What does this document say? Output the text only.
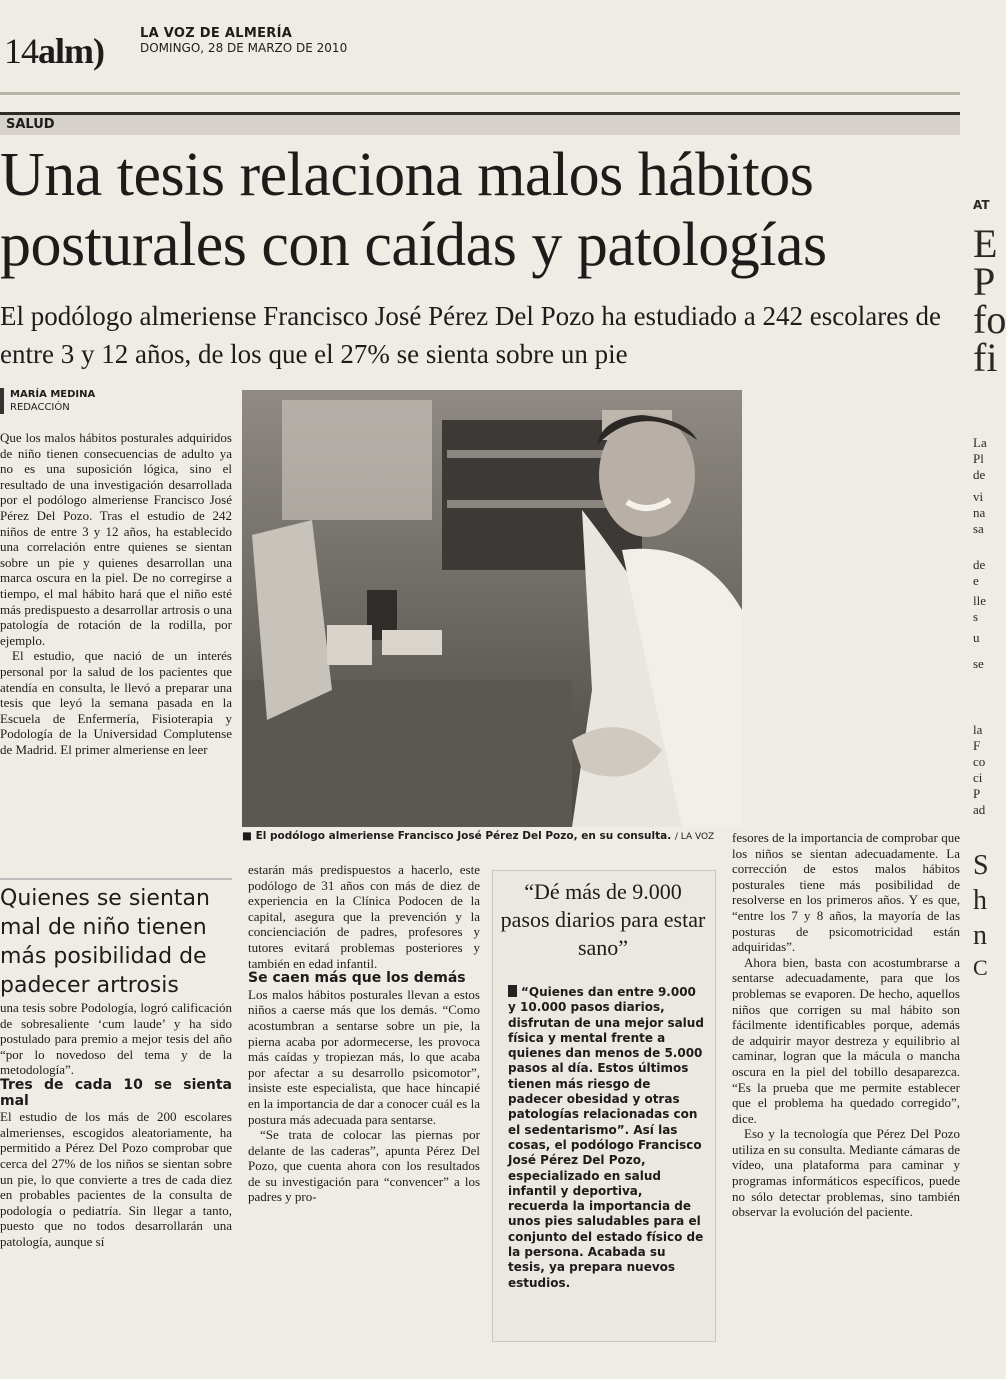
14alm)	LA VOZ DE ALMERÍA
DOMINGO, 28 DE MARZO DE 2010
SALUD
Una tesis relaciona malos hábitos posturales con caídas y patologías
El podólogo almeriense Francisco José Pérez Del Pozo ha estudiado a 242 escolares de entre 3 y 12 años, de los que el 27% se sienta sobre un pie
MARÍA MEDINA
REDACCIÓN
■ El podólogo almeriense Francisco José Pérez Del Pozo, en su consulta. / LA VOZ

Que los malos hábitos posturales adquiridos de niño tienen consecuencias de adulto ya no es una suposición lógica, sino el resultado de una investigación desarrollada por el podólogo almeriense Francisco José Pérez Del Pozo. Tras el estudio de 242 niños de entre 3 y 12 años, ha establecido una correlación entre quienes se sientan sobre un pie y quienes desarrollan una marca oscura en la piel. De no corregirse a tiempo, el mal hábito hará que el niño esté más predispuesto a desarrollar artrosis o una patología de rotación de la rodilla, por ejemplo.

El estudio, que nació de un interés personal por la salud de los pacientes que atendía en consulta, le llevó a preparar una tesis que leyó la semana pasada en la Escuela de Enfermería, Fisioterapia y Podología de la Universidad Complutense de Madrid. El primer almeriense en leer

Quienes se sientan mal de niño tienen más posibilidad de padecer artrosis

una tesis sobre Podología, logró calificación de sobresaliente ‘cum laude’ y ha sido postulado para premio a mejor tesis del año “por lo novedoso del tema y de la metodología”.

Tres de cada 10 se sienta mal

El estudio de los más de 200 escolares almerienses, escogidos aleatoriamente, ha permitido a Pérez Del Pozo comprobar que cerca del 27% de los niños se sientan sobre un pie, lo que convierte a tres de cada diez en probables pacientes de la consulta de podología o pediatría. Sin llegar a tanto, puesto que no todos desarrollarán una patología, aunque sí

estarán más predispuestos a hacerlo, este podólogo de 31 años con más de diez de experiencia en la Clínica Podocen de la capital, asegura que la prevención y la concienciación de padres, profesores y tutores evitará problemas posteriores y también en edad infantil.

Se caen más que los demás

Los malos hábitos posturales llevan a estos niños a caerse más que los demás. “Como acostumbran a sentarse sobre un pie, la pierna acaba por adormecerse, les provoca más caídas y tropiezan más, lo que acaba por afectar a su desarrollo psicomotor”, insiste este especialista, que hace hincapié en la importancia de dar a conocer cuál es la postura más adecuada para sentarse.

“Se trata de colocar las piernas por delante de las caderas”, apunta Pérez Del Pozo, que cuenta ahora con los resultados de su investigación para “convencer” a los padres y pro-

“Dé más de 9.000 pasos diarios para estar sano”
“Quienes dan entre 9.000 y 10.000 pasos diarios, disfrutan de una mejor salud física y mental frente a quienes dan menos de 5.000 pasos al día. Estos últimos tienen más riesgo de padecer obesidad y otras patologías relacionadas con el sedentarismo”. Así las cosas, el podólogo Francisco José Pérez Del Pozo, especializado en salud infantil y deportiva, recuerda la importancia de unos pies saludables para el conjunto del estado físico de la persona. Acabada su tesis, ya prepara nuevos estudios.

fesores de la importancia de comprobar que los niños se sientan adecuadamente. La corrección de estos malos hábitos posturales tiene más posibilidad de resolverse en los primeros años. Y es que, “entre los 7 y 8 años, la mayoría de las posturas de psicomotricidad están adquiridas”.

Ahora bien, basta con acostumbrarse a sentarse adecuadamente, para que los problemas se evaporen. De hecho, aquellos niños que corrigen su mal hábito son fácilmente identificables porque, además de adquirir mayor destreza y equilibrio al caminar, logran que la mácula o mancha oscura en la piel del tobillo desaparezca. “Es la prueba que me permite establecer que el problema ha quedado corregido”, dice.

Eso y la tecnología que Pérez Del Pozo utiliza en su consulta. Mediante cámaras de vídeo, una plataforma para caminar y programas informáticos específicos, puede no sólo detectar problemas, sino también observar la evolución del paciente.

AT
E
P
fo
fi
La
Pl
de
vi
na
sa
de
e
lle
s
u
se
la
F
co
ci
P
ad
S
h
n
C
